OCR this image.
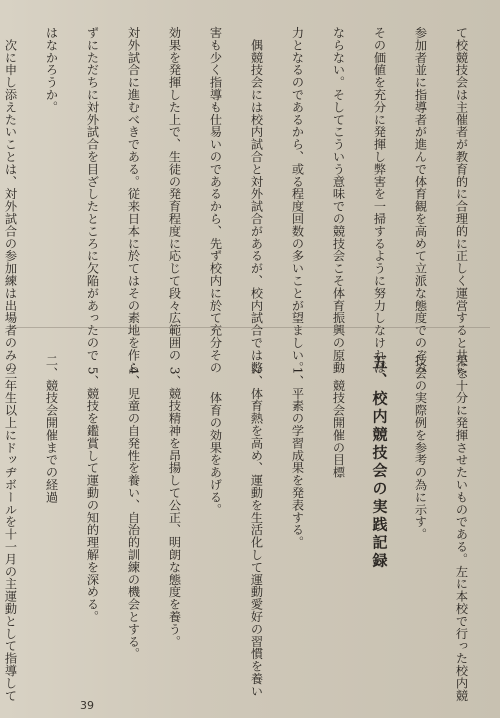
て校競技会は主催者が教育的に合理的に正しく運営すると共に、

参加者並に指導者が進んで体育観を高めて立派な態度でのぞみ

その価値を充分に発揮し弊害を一掃するように努力しなければ

ならない。そしてこういう意味での競技会こそ体育振興の原動

力となるのであるから、或る程度回数の多いことが望ましい。

　偶競技会には校内試合と対外試合があるが、校内試合では弊

害も少く指導も仕易いのであるから、先ず校内に於て充分その

効果を発揮した上で、生徒の発育程度に応じて段々広範囲の

対外試合に進むべきである。従来日本に於てはその素地を作ら

ずにただちに対外試合を目ざしたところに欠陥があったので

はなかろうか。

　次に申し添えたいことは、対外試合の参加練は出場者のみの

果を十分に発揮させたいものである。左に本校で行った校内競

技会の実際例を参考の為に示す。

五、校内競技会の実践記録

一、競技会開催の目標

　1、平素の学習成果を発表する。

　2、体育熱を高め、運動を生活化して運動愛好の習慣を養い

　　　体育の効果をあげる。

　3、競技精神を昂揚して公正、明朗な態度を養う。

　4、児童の自発性を養い、自治的訓練の機会とする。

　5、競技を鑑賞して運動の知的理解を深める。

二、競技会開催までの経過

　三年生以上にドッヂボールを十一月の主運動として指導して

39
